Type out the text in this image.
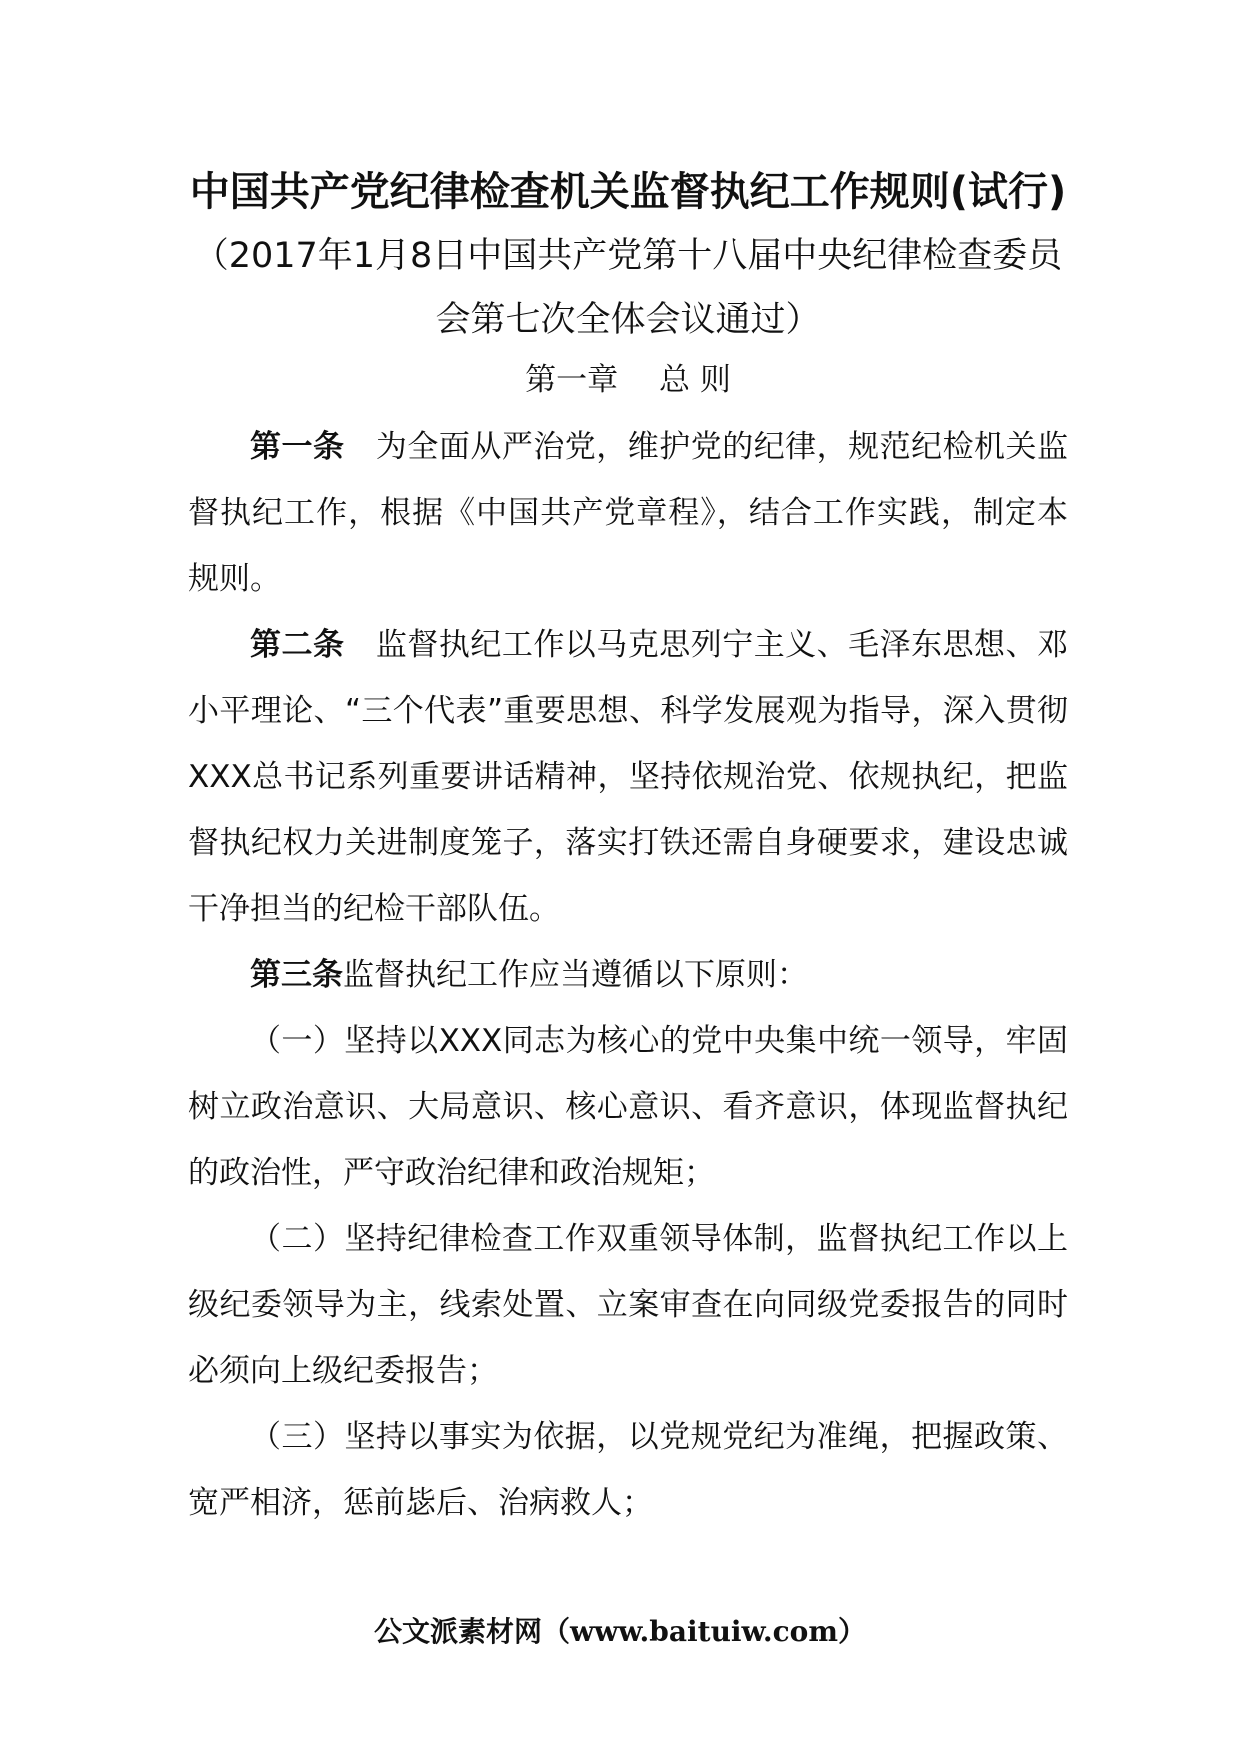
中国共产党纪律检查机关监督执纪工作规则(试行)

（2017年1月8日中国共产党第十八届中央纪律检查委员会第七次全体会议通过）

第一章　 总 则

第一条　为全面从严治党，维护党的纪律，规范纪检机关监督执纪工作，根据《中国共产党章程》，结合工作实践，制定本规则。

第二条　监督执纪工作以马克思列宁主义、毛泽东思想、邓小平理论、“三个代表”重要思想、科学发展观为指导，深入贯彻XXX总书记系列重要讲话精神，坚持依规治党、依规执纪，把监督执纪权力关进制度笼子，落实打铁还需自身硬要求，建设忠诚干净担当的纪检干部队伍。

第三条监督执纪工作应当遵循以下原则：

（一）坚持以XXX同志为核心的党中央集中统一领导，牢固树立政治意识、大局意识、核心意识、看齐意识，体现监督执纪的政治性，严守政治纪律和政治规矩；

（二）坚持纪律检查工作双重领导体制，监督执纪工作以上级纪委领导为主，线索处置、立案审查在向同级党委报告的同时必须向上级纪委报告；

（三）坚持以事实为依据，以党规党纪为准绳，把握政策、宽严相济，惩前毖后、治病救人；

公文派素材网（www.baituiw.com）
